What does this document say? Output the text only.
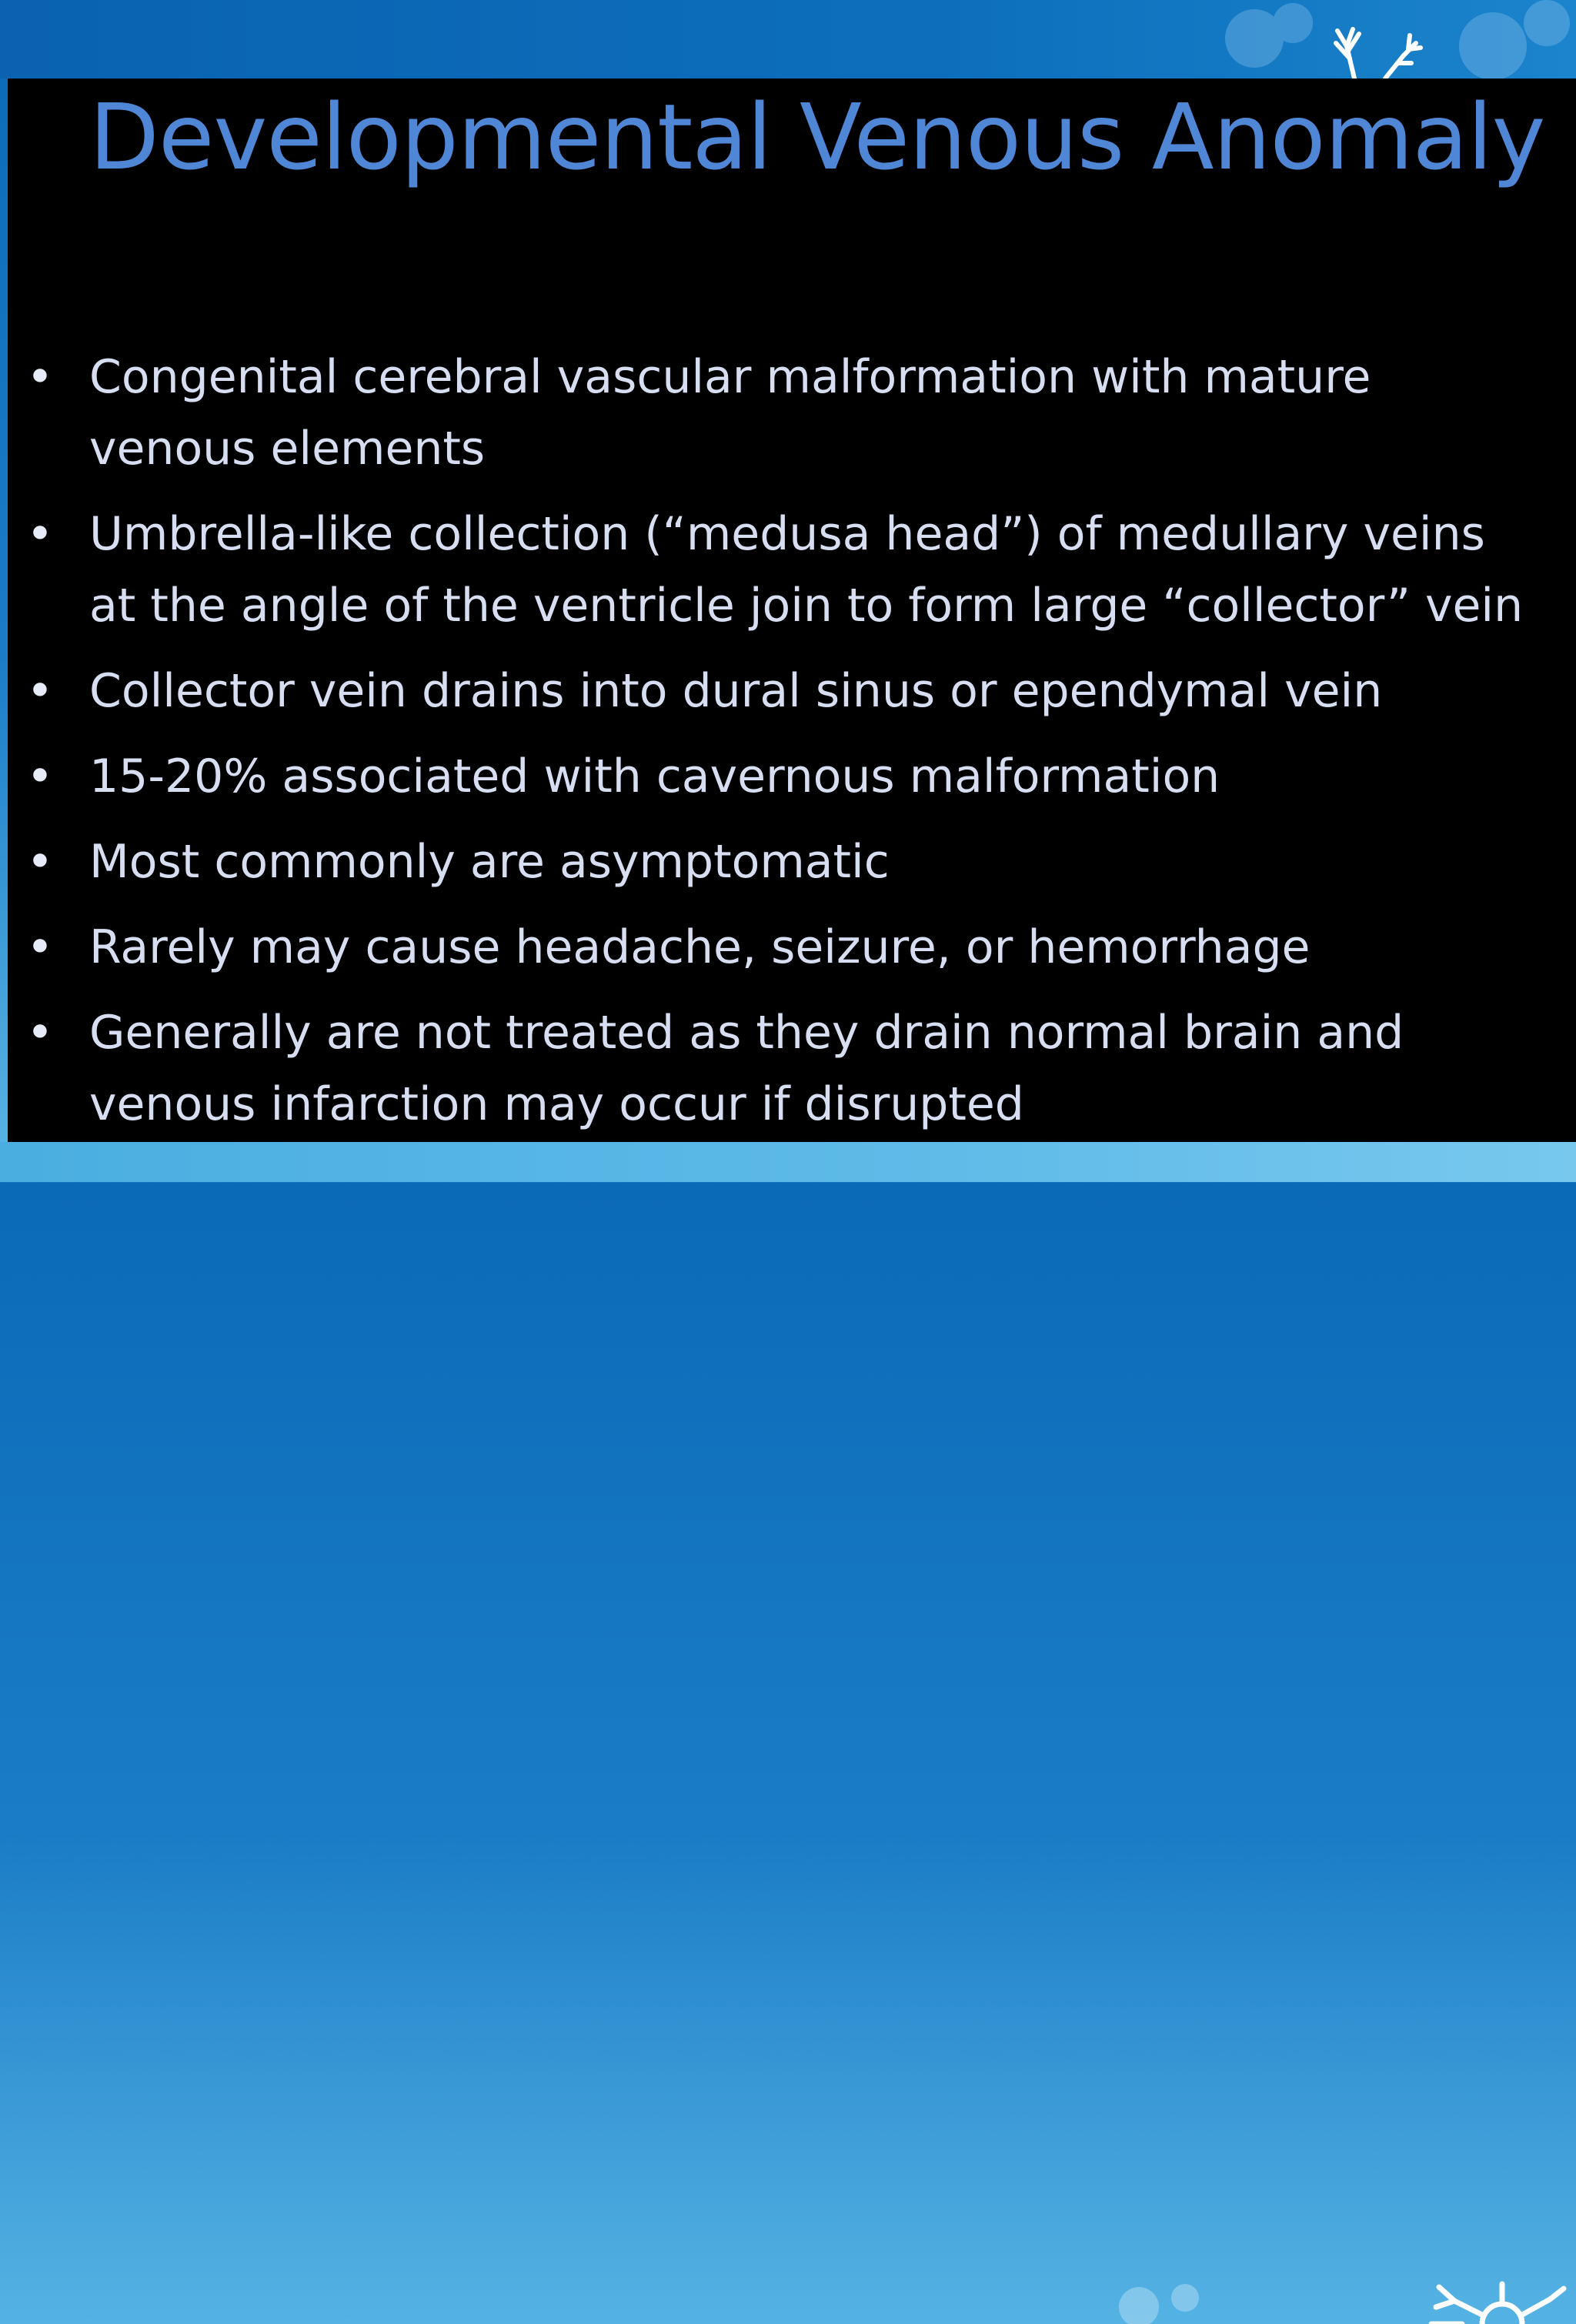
Developmental Venous Anomaly
• Congenital cerebral vascular malformation with mature
venous elements
• Umbrella-like collection (“medusa head”) of medullary veins
at the angle of the ventricle join to form large “collector” vein
• Collector vein drains into dural sinus or ependymal vein
• 15-20% associated with cavernous malformation
• Most commonly are asymptomatic
• Rarely may cause headache, seizure, or hemorrhage
• Generally are not treated as they drain normal brain and
venous infarction may occur if disrupted
